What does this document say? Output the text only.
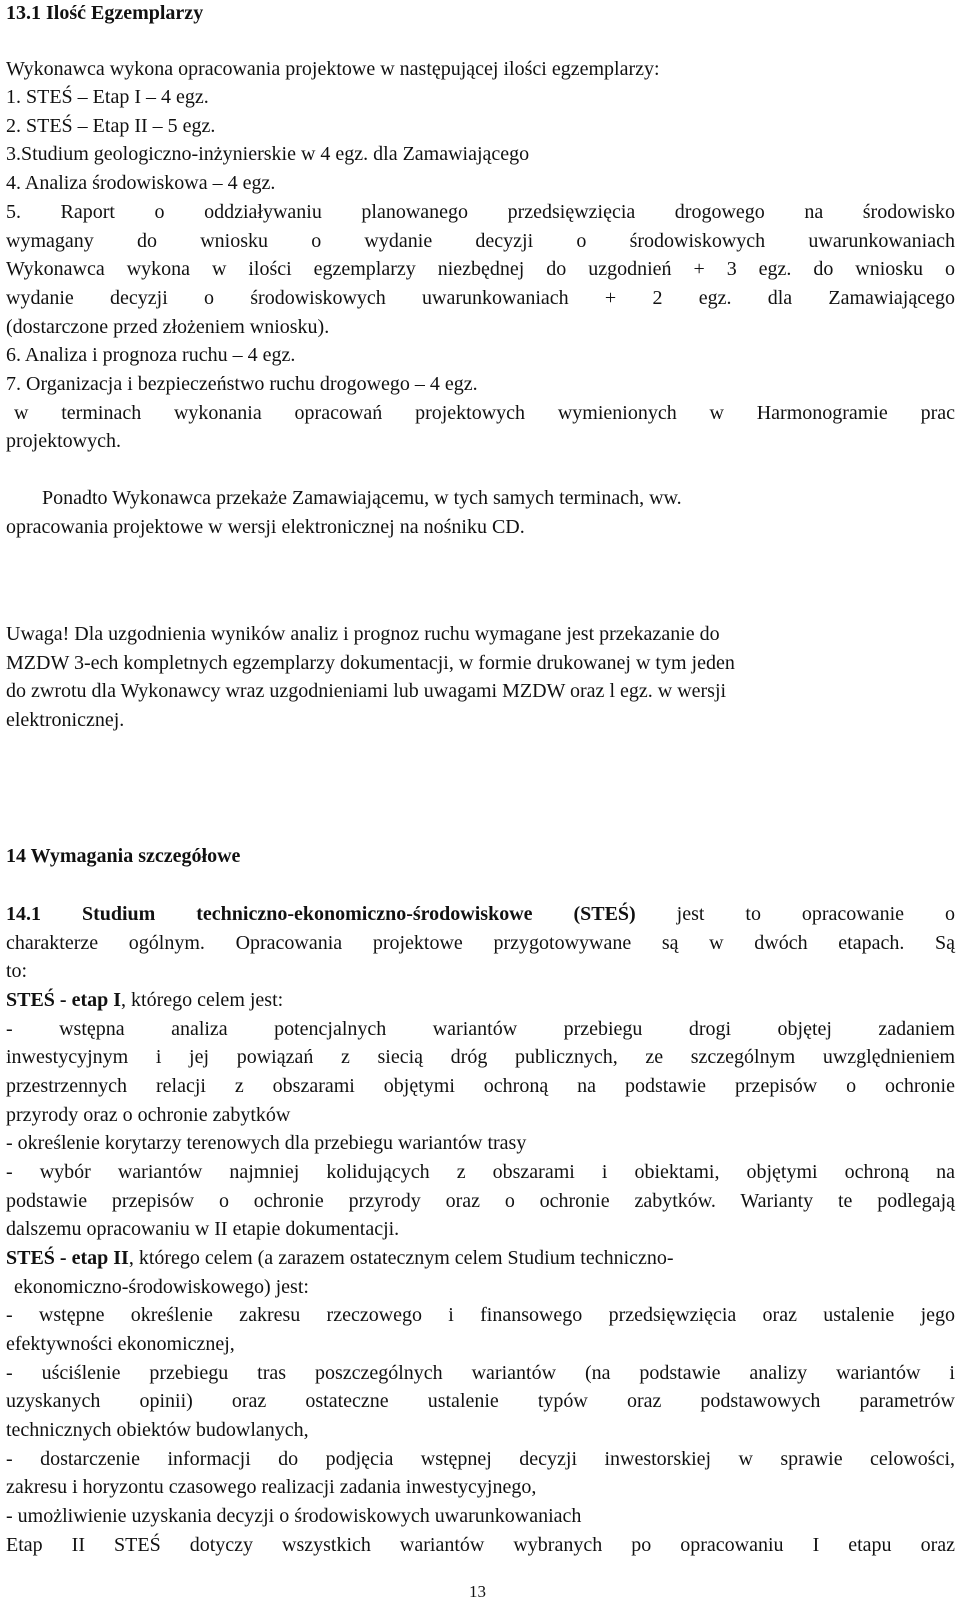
13.1 Ilość Egzemplarzy
Wykonawca wykona opracowania projektowe w następującej ilości egzemplarzy:
1. STEŚ – Etap I – 4 egz.
2. STEŚ – Etap II – 5 egz.
3.Studium geologiczno-inżynierskie w 4 egz. dla Zamawiającego
4. Analiza środowiskowa – 4 egz.
5. Raport o oddziaływaniu planowanego przedsięwzięcia drogowego na środowisko
wymagany do wniosku o wydanie decyzji o środowiskowych uwarunkowaniach
Wykonawca wykona w ilości egzemplarzy niezbędnej do uzgodnień + 3 egz. do wniosku o
wydanie decyzji o środowiskowych uwarunkowaniach + 2 egz. dla Zamawiającego
(dostarczone przed złożeniem wniosku).
6. Analiza i prognoza ruchu – 4 egz.
7. Organizacja i bezpieczeństwo ruchu drogowego – 4 egz.
w terminach wykonania opracowań projektowych wymienionych w Harmonogramie prac
projektowych.
Ponadto Wykonawca przekaże Zamawiającemu, w tych samych terminach, ww.
opracowania projektowe w wersji elektronicznej na nośniku CD.
Uwaga! Dla uzgodnienia wyników analiz i prognoz ruchu wymagane jest przekazanie do
MZDW 3-ech kompletnych egzemplarzy dokumentacji, w formie drukowanej w tym jeden
do zwrotu dla Wykonawcy wraz uzgodnieniami lub uwagami MZDW oraz l egz. w wersji
elektronicznej.
14 Wymagania szczegółowe
14.1 Studium techniczno-ekonomiczno-środowiskowe (STEŚ) jest to opracowanie o
charakterze ogólnym. Opracowania projektowe przygotowywane są w dwóch etapach. Są
to:
STEŚ - etap I, którego celem jest:
- wstępna analiza potencjalnych wariantów przebiegu drogi objętej zadaniem
inwestycyjnym i jej powiązań z siecią dróg publicznych, ze szczególnym uwzględnieniem
przestrzennych relacji z obszarami objętymi ochroną na podstawie przepisów o ochronie
przyrody oraz o ochronie zabytków
- określenie korytarzy terenowych dla przebiegu wariantów trasy
- wybór wariantów najmniej kolidujących z obszarami i obiektami, objętymi ochroną na
podstawie przepisów o ochronie przyrody oraz o ochronie zabytków. Warianty te podlegają
dalszemu opracowaniu w II etapie dokumentacji.
STEŚ - etap II, którego celem (a zarazem ostatecznym celem Studium techniczno-
ekonomiczno-środowiskowego) jest:
- wstępne określenie zakresu rzeczowego i finansowego przedsięwzięcia oraz ustalenie jego
efektywności ekonomicznej,
- uściślenie przebiegu tras poszczególnych wariantów (na podstawie analizy wariantów i
uzyskanych opinii) oraz ostateczne ustalenie typów oraz podstawowych parametrów
technicznych obiektów budowlanych,
- dostarczenie informacji do podjęcia wstępnej decyzji inwestorskiej w sprawie celowości,
zakresu i horyzontu czasowego realizacji zadania inwestycyjnego,
- umożliwienie uzyskania decyzji o środowiskowych uwarunkowaniach
Etap II STEŚ dotyczy wszystkich wariantów wybranych po opracowaniu I etapu oraz
13
